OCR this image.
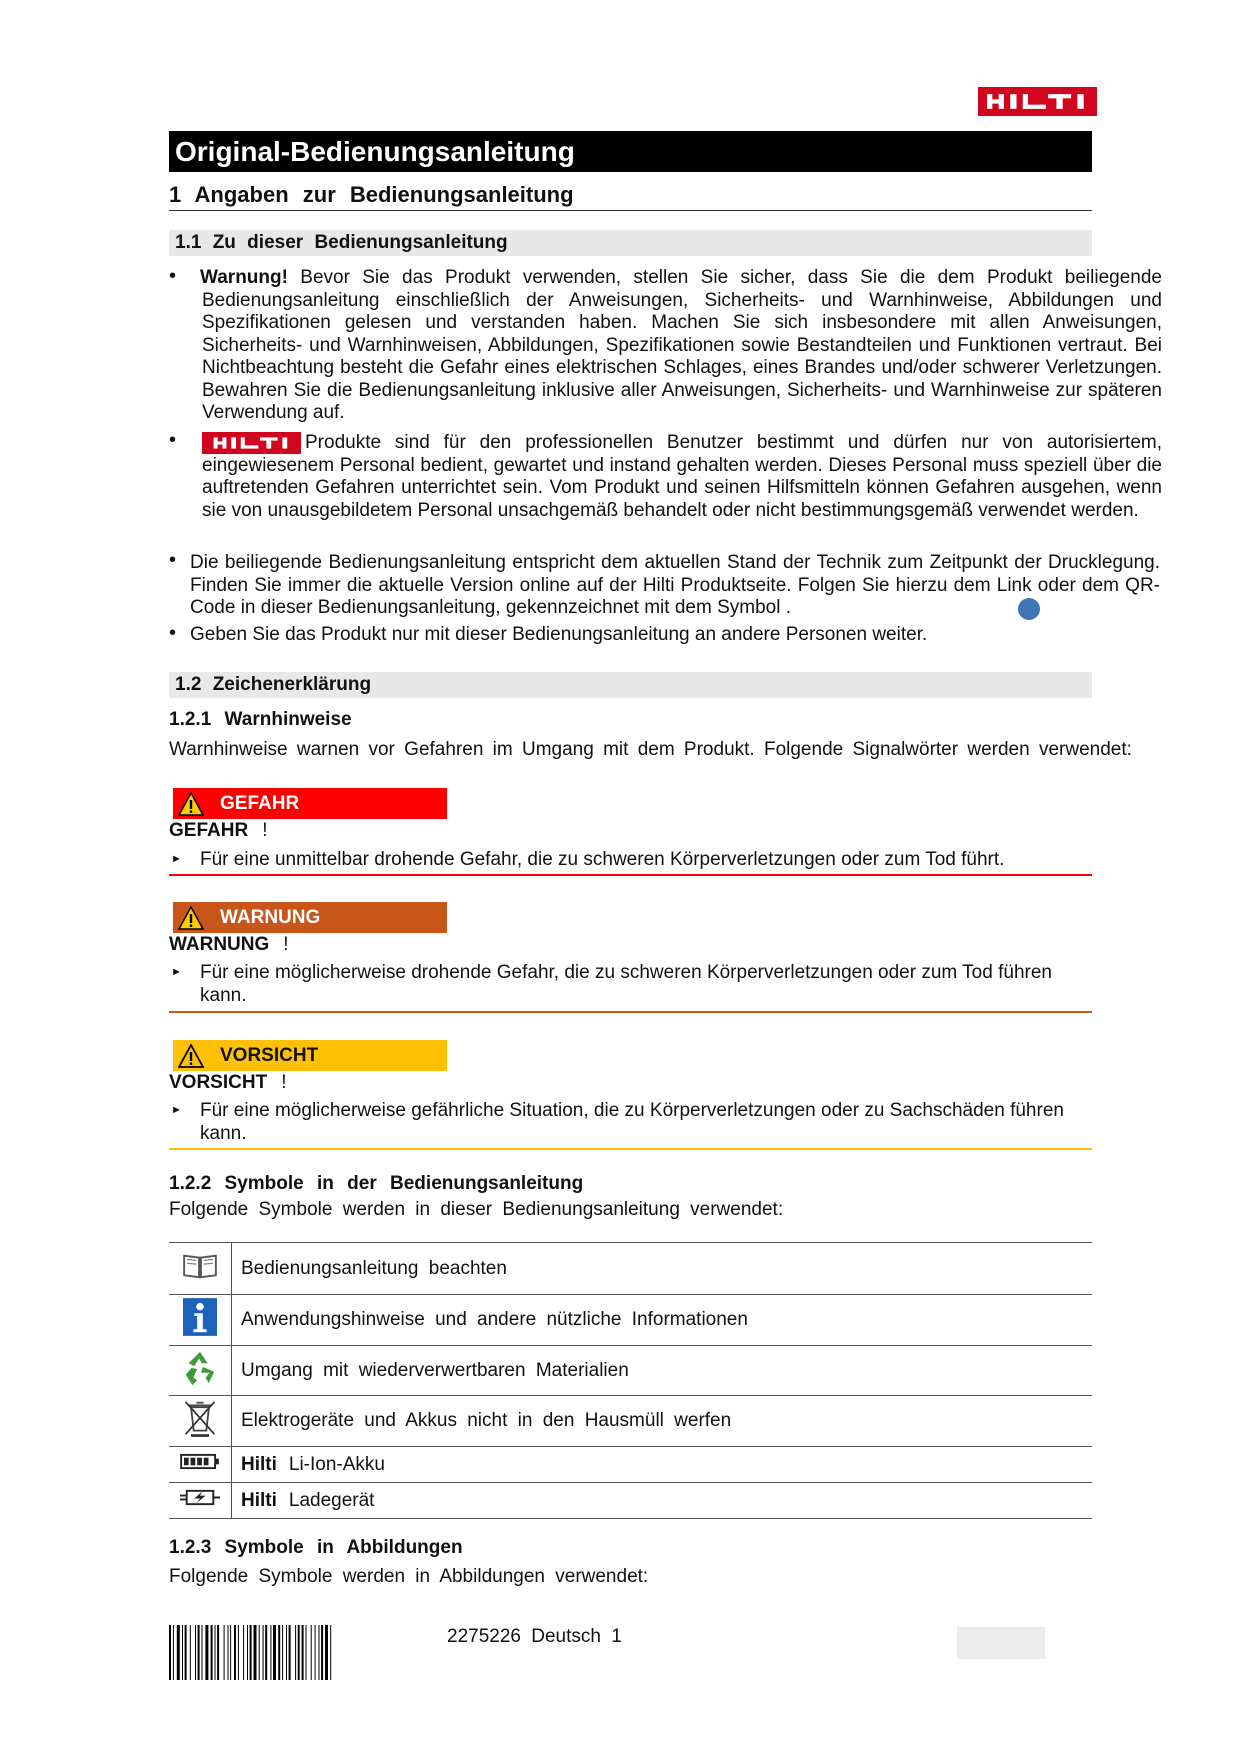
Original-Bedienungsanleitung
1 Angaben zur Bedienungsanleitung
1.1 Zu dieser Bedienungsanleitung
• Warnung! Bevor Sie das Produkt verwenden, stellen Sie sicher, dass Sie die dem Produkt beiliegende Bedienungsanleitung einschließlich der Anweisungen, Sicherheits- und Warnhinweise, Abbildungen und Spezifikationen gelesen und verstanden haben. Machen Sie sich insbesondere mit allen Anweisungen, Sicherheits- und Warnhinweisen, Abbildungen, Spezifikationen sowie Bestandteilen und Funktionen vertraut. Bei Nichtbeachtung besteht die Gefahr eines elektrischen Schlages, eines Brandes und/oder schwerer Verletzungen. Bewahren Sie die Bedienungsanleitung inklusive aller Anweisungen, Sicherheits- und Warnhinweise zur späteren Verwendung auf.
•	Produkte sind für den professionellen Benutzer bestimmt und dürfen nur von autorisiertem, eingewiesenem Personal bedient, gewartet und instand gehalten werden. Dieses Personal muss speziell über die auftretenden Gefahren unterrichtet sein. Vom Produkt und seinen Hilfsmitteln können Gefahren ausgehen, wenn sie von unausgebildetem Personal unsachgemäß behandelt oder nicht bestimmungsgemäß verwendet werden.
• Die beiliegende Bedienungsanleitung entspricht dem aktuellen Stand der Technik zum Zeitpunkt der Drucklegung. Finden Sie immer die aktuelle Version online auf der Hilti Produktseite. Folgen Sie hierzu dem Link oder dem QR-Code in dieser Bedienungsanleitung, gekennzeichnet mit dem Symbol .
• Geben Sie das Produkt nur mit dieser Bedienungsanleitung an andere Personen weiter.
1.2 Zeichenerklärung
1.2.1 Warnhinweise
Warnhinweise warnen vor Gefahren im Umgang mit dem Produkt. Folgende Signalwörter werden verwendet:
GEFAHR
GEFAHR !
► Für eine unmittelbar drohende Gefahr, die zu schweren Körperverletzungen oder zum Tod führt.
WARNUNG
WARNUNG !
► Für eine möglicherweise drohende Gefahr, die zu schweren Körperverletzungen oder zum Tod führen kann.
VORSICHT
VORSICHT !
► Für eine möglicherweise gefährliche Situation, die zu Körperverletzungen oder zu Sachschäden führen kann.
1.2.2 Symbole in der Bedienungsanleitung
Folgende Symbole werden in dieser Bedienungsanleitung verwendet:
	Bedienungsanleitung beachten
	Anwendungshinweise und andere nützliche Informationen
	Umgang mit wiederverwertbaren Materialien
	Elektrogeräte und Akkus nicht in den Hausmüll werfen
	Hilti Li-Ion-Akku
	Hilti Ladegerät
1.2.3 Symbole in Abbildungen
Folgende Symbole werden in Abbildungen verwendet:
2275226 Deutsch 1
